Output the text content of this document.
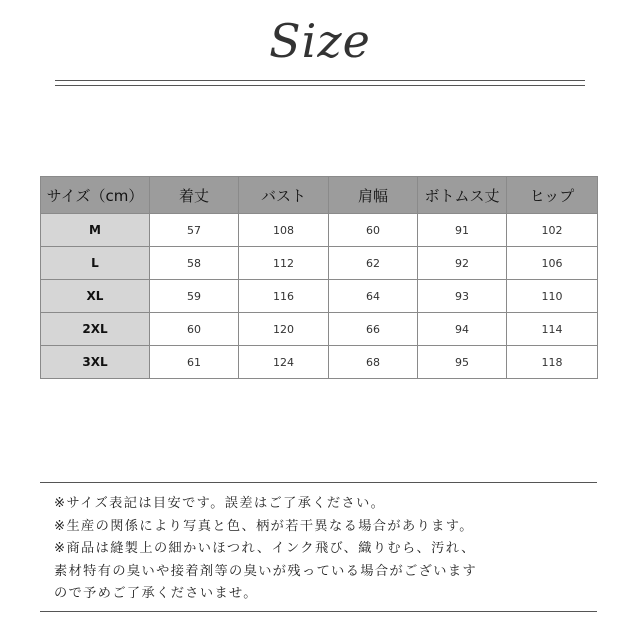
Size
サイズ（cm）	着丈	バスト	肩幅	ボトムス丈	ヒップ
M	57	108	60	91	102
L	58	112	62	92	106
XL	59	116	64	93	110
2XL	60	120	66	94	114
3XL	61	124	68	95	118

※サイズ表記は目安です。誤差はご了承ください。

※生産の関係により写真と色、柄が若干異なる場合があります。

※商品は縫製上の細かいほつれ、インク飛び、織りむら、汚れ、

素材特有の臭いや接着剤等の臭いが残っている場合がございます

ので予めご了承くださいませ。
